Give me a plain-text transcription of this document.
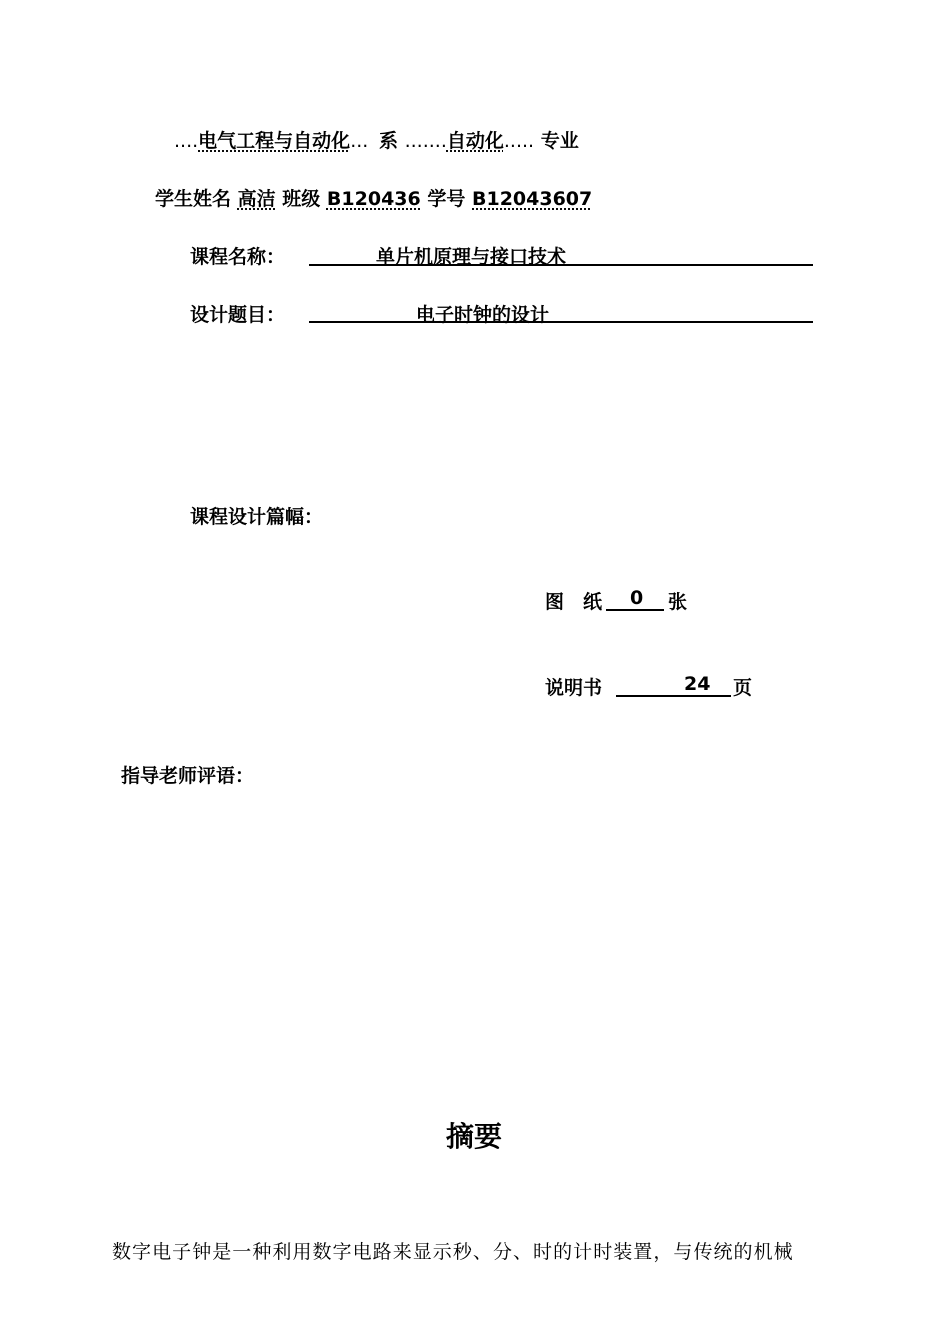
....电气工程与自动化... 系 .......自动化..... 专业
学生姓名 高洁 班级 B120436 学号 B12043607
课程名称：	单片机原理与接口技术
设计题目：	电子时钟的设计
课程设计篇幅：
图 纸 0 张
说明书	24 页
指导老师评语：
摘要
数字电子钟是一种利用数字电路来显示秒、分、时的计时装置，与传统的机械
